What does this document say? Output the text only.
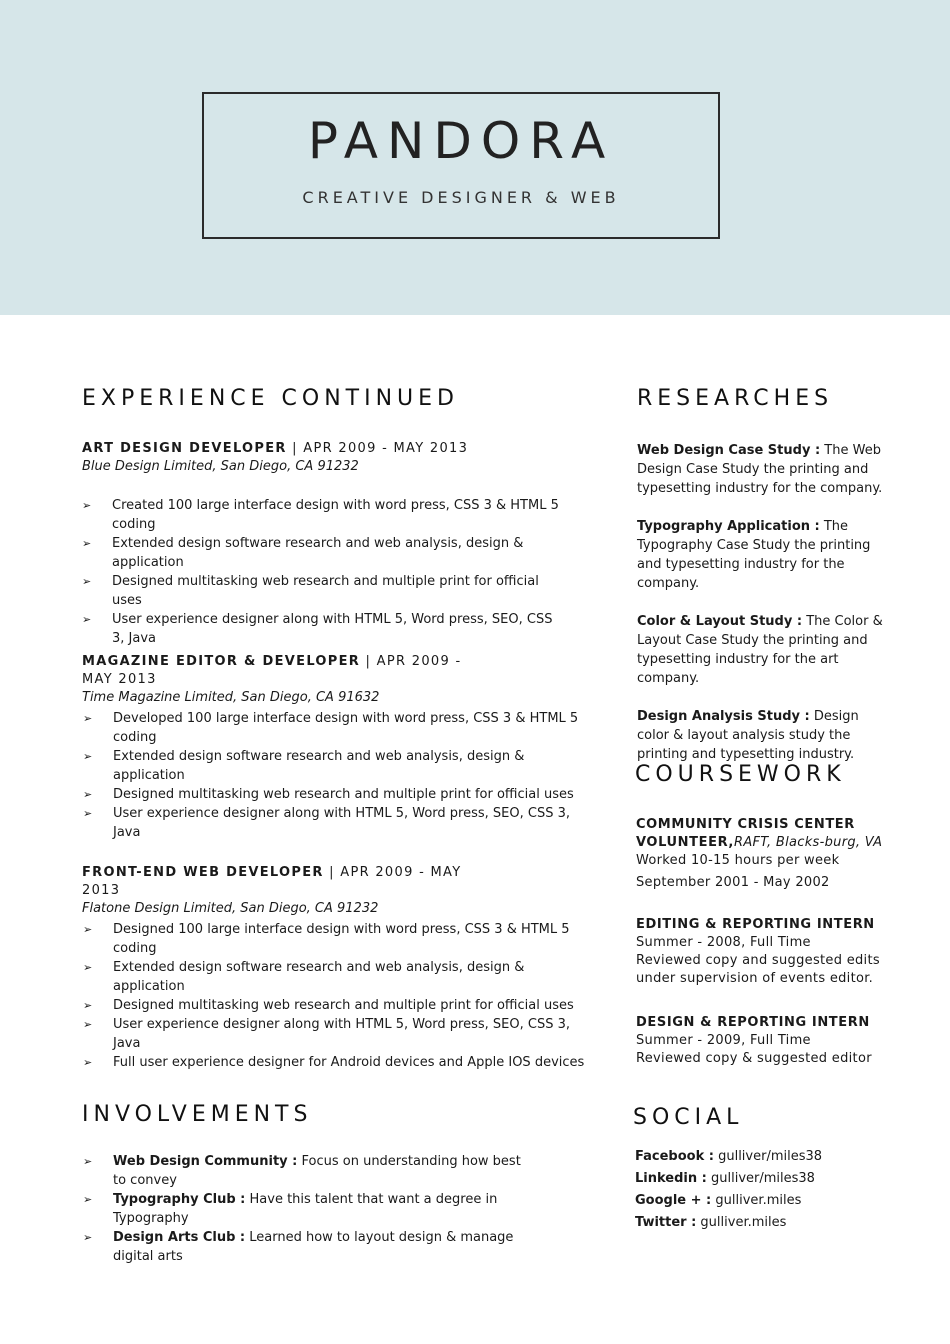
PANDORA
CREATIVE DESIGNER & WEB
EXPERIENCE CONTINUED
ART DESIGN DEVELOPER | APR 2009 - MAY 2013
Blue Design Limited, San Diego, CA 91232
➢ Created 100 large interface design with word press, CSS 3 & HTML 5 coding
➢ Extended design software research and web analysis, design & application
➢ Designed multitasking web research and multiple print for official uses
➢ User experience designer along with HTML 5, Word press, SEO, CSS 3, Java
MAGAZINE EDITOR & DEVELOPER | APR 2009 - MAY 2013
Time Magazine Limited, San Diego, CA 91632
➢ Developed 100 large interface design with word press, CSS 3 & HTML 5 coding
➢ Extended design software research and web analysis, design & application
➢ Designed multitasking web research and multiple print for official uses
➢ User experience designer along with HTML 5, Word press, SEO, CSS 3, Java
FRONT-END WEB DEVELOPER | APR 2009 - MAY 2013
Flatone Design Limited, San Diego, CA 91232
➢ Designed 100 large interface design with word press, CSS 3 & HTML 5 coding
➢ Extended design software research and web analysis, design & application
➢ Designed multitasking web research and multiple print for official uses
➢ User experience designer along with HTML 5, Word press, SEO, CSS 3, Java
➢ Full user experience designer for Android devices and Apple IOS devices
INVOLVEMENTS
➢ Web Design Community : Focus on understanding how best to convey
➢ Typography Club : Have this talent that want a degree in Typography
➢ Design Arts Club : Learned how to layout design & manage digital arts
RESEARCHES
Web Design Case Study : The Web Design Case Study the printing and typesetting industry for the company.
Typography Application : The Typography Case Study the printing and typesetting industry for the company.
Color & Layout Study : The Color & Layout Case Study the printing and typesetting industry for the art company.
Design Analysis Study : Design color & layout analysis study the printing and typesetting industry.
COURSEWORK
COMMUNITY CRISIS CENTER VOLUNTEER, RAFT, Blacks-burg, VA
Worked 10-15 hours per week
September 2001 - May 2002
EDITING & REPORTING INTERN
Summer - 2008, Full Time
Reviewed copy and suggested edits under supervision of events editor.
DESIGN & REPORTING INTERN
Summer - 2009, Full Time
Reviewed copy & suggested editor
SOCIAL
Facebook : gulliver/miles38
Linkedin : gulliver/miles38
Google + : gulliver.miles
Twitter : gulliver.miles
